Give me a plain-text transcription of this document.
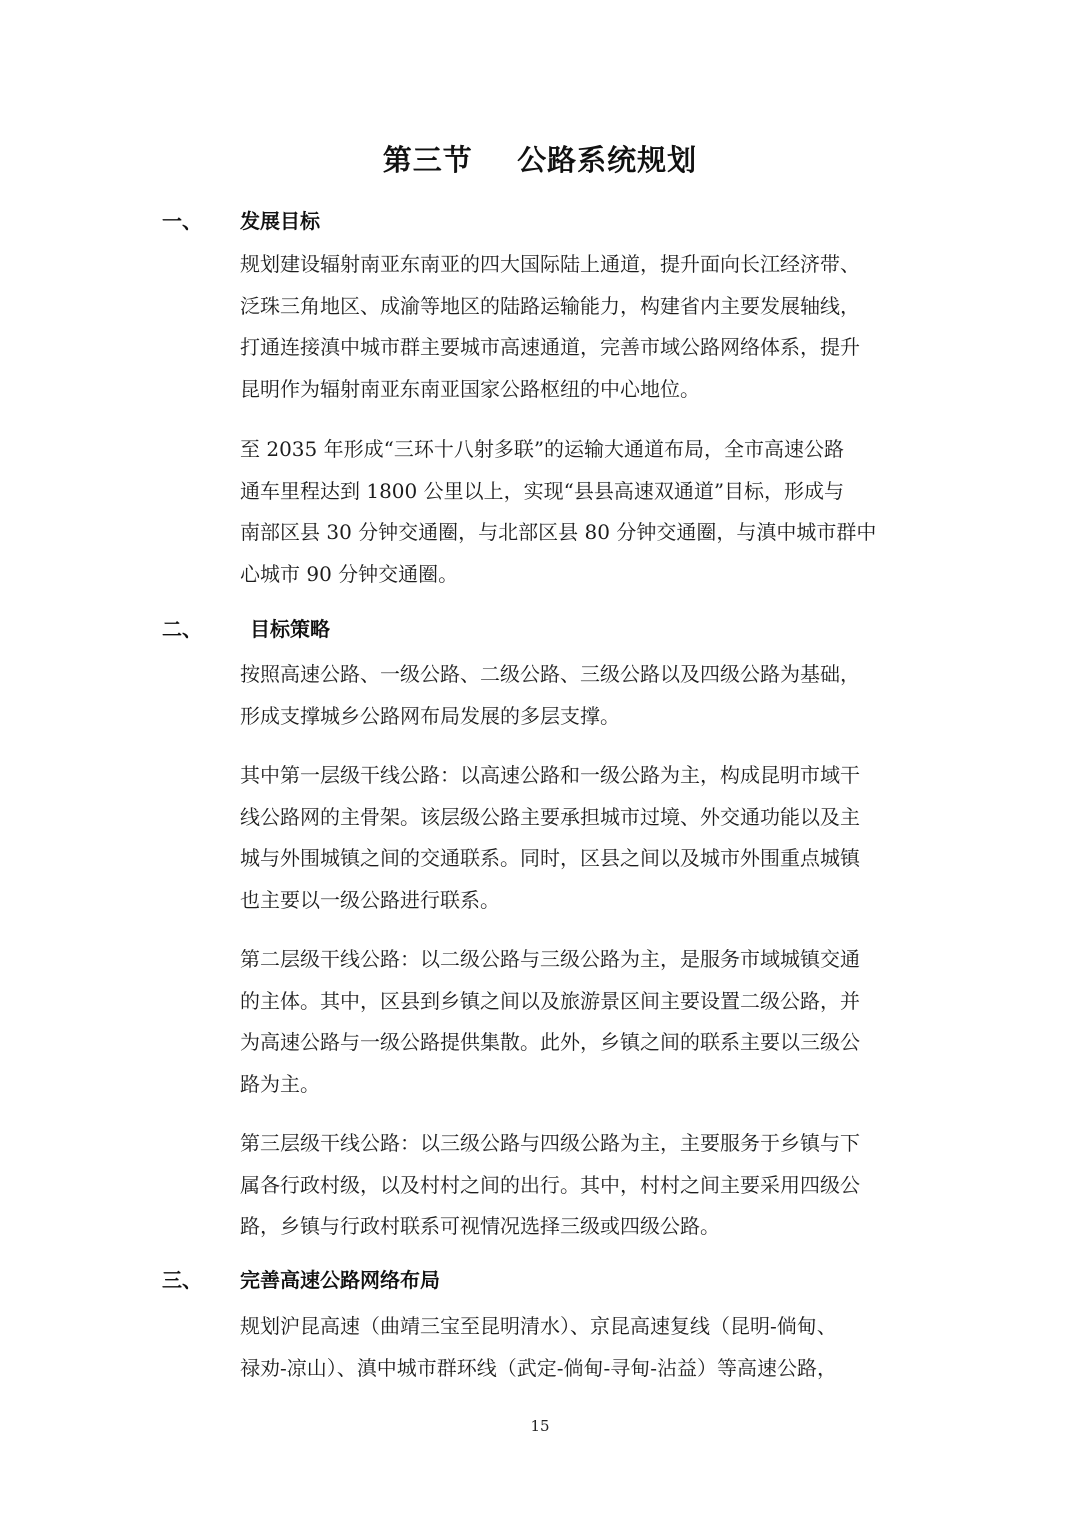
第三节    公路系统规划
一、 发展目标
规划建设辐射南亚东南亚的四大国际陆上通道，提升面向长江经济带、
泛珠三角地区、成渝等地区的陆路运输能力，构建省内主要发展轴线，
打通连接滇中城市群主要城市高速通道，完善市域公路网络体系，提升
昆明作为辐射南亚东南亚国家公路枢纽的中心地位。
至 2035 年形成“三环十八射多联”的运输大通道布局，全市高速公路
通车里程达到 1800 公里以上，实现“县县高速双通道”目标，形成与
南部区县 30 分钟交通圈，与北部区县 80 分钟交通圈，与滇中城市群中
心城市 90 分钟交通圈。
二、 目标策略
按照高速公路、一级公路、二级公路、三级公路以及四级公路为基础，
形成支撑城乡公路网布局发展的多层支撑。
其中第一层级干线公路：以高速公路和一级公路为主，构成昆明市域干
线公路网的主骨架。该层级公路主要承担城市过境、外交通功能以及主
城与外围城镇之间的交通联系。同时，区县之间以及城市外围重点城镇
也主要以一级公路进行联系。
第二层级干线公路：以二级公路与三级公路为主，是服务市域城镇交通
的主体。其中，区县到乡镇之间以及旅游景区间主要设置二级公路，并
为高速公路与一级公路提供集散。此外，乡镇之间的联系主要以三级公
路为主。
第三层级干线公路：以三级公路与四级公路为主，主要服务于乡镇与下
属各行政村级，以及村村之间的出行。其中，村村之间主要采用四级公
路，乡镇与行政村联系可视情况选择三级或四级公路。
三、 完善高速公路网络布局
规划沪昆高速（曲靖三宝至昆明清水）、京昆高速复线（昆明-倘甸、
禄劝-凉山）、滇中城市群环线（武定-倘甸-寻甸-沾益）等高速公路，
15
